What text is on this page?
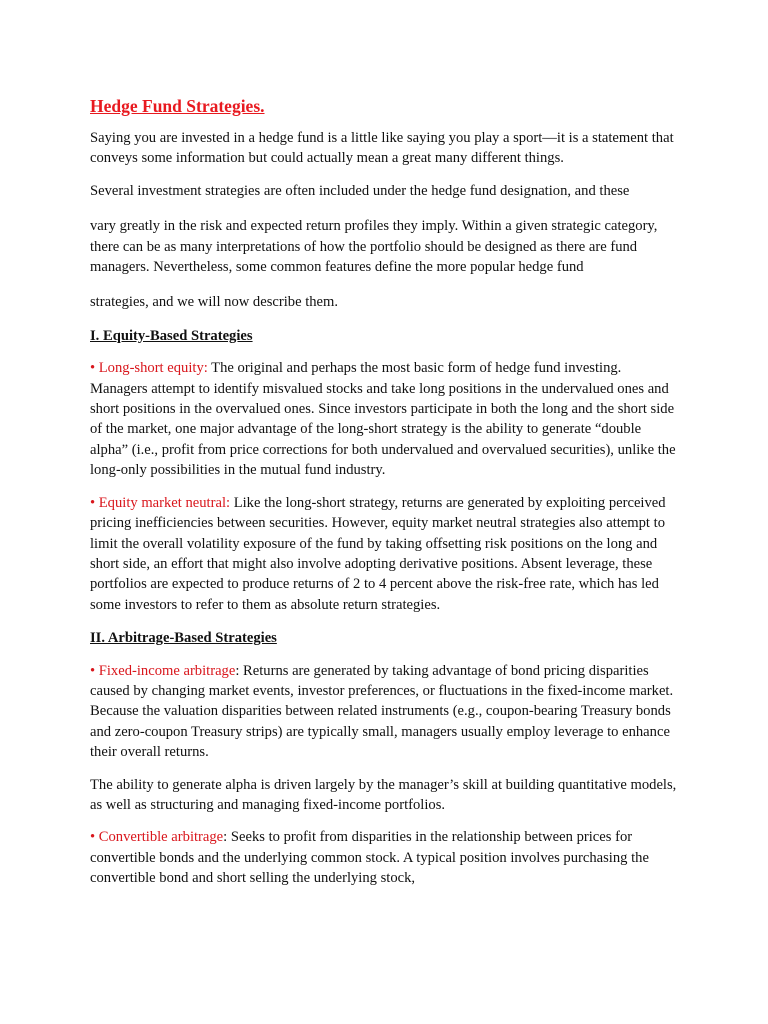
Hedge Fund Strategies.

Saying you are invested in a hedge fund is a little like saying you play a sport—it is a statement that conveys some information but could actually mean a great many different things.

Several investment strategies are often included under the hedge fund designation, and these

vary greatly in the risk and expected return profiles they imply. Within a given strategic category, there can be as many interpretations of how the portfolio should be designed as there are fund managers. Nevertheless, some common features define the more popular hedge fund

strategies, and we will now describe them.

I. Equity-Based Strategies

• Long-short equity: The original and perhaps the most basic form of hedge fund investing. Managers attempt to identify misvalued stocks and take long positions in the undervalued ones and short positions in the overvalued ones. Since investors participate in both the long and the short side of the market, one major advantage of the long-short strategy is the ability to generate “double alpha” (i.e., profit from price corrections for both undervalued and overvalued securities), unlike the long-only possibilities in the mutual fund industry.

• Equity market neutral: Like the long-short strategy, returns are generated by exploiting perceived pricing inefficiencies between securities. However, equity market neutral strategies also attempt to limit the overall volatility exposure of the fund by taking offsetting risk positions on the long and short side, an effort that might also involve adopting derivative positions. Absent leverage, these portfolios are expected to produce returns of 2 to 4 percent above the risk-free rate, which has led some investors to refer to them as absolute return strategies.

II. Arbitrage-Based Strategies

• Fixed-income arbitrage: Returns are generated by taking advantage of bond pricing disparities caused by changing market events, investor preferences, or fluctuations in the fixed-income market. Because the valuation disparities between related instruments (e.g., coupon-bearing Treasury bonds and zero-coupon Treasury strips) are typically small, managers usually employ leverage to enhance their overall returns.

The ability to generate alpha is driven largely by the manager’s skill at building quantitative models, as well as structuring and managing fixed-income portfolios.

• Convertible arbitrage: Seeks to profit from disparities in the relationship between prices for convertible bonds and the underlying common stock. A typical position involves purchasing the convertible bond and short selling the underlying stock,
